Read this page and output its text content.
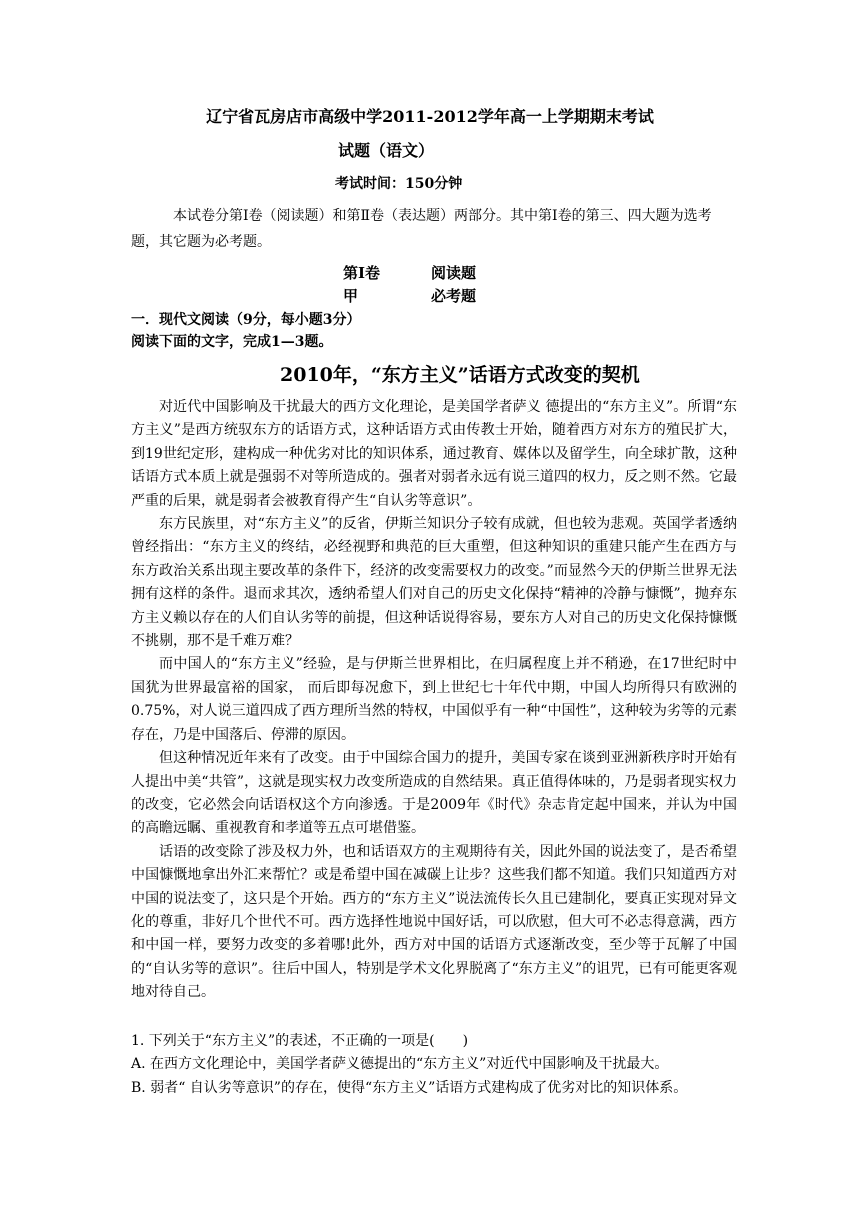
辽宁省瓦房店市高级中学2011-2012学年高一上学期期末考试
试题（语文）
考试时间：150分钟
本试卷分第Ⅰ卷（阅读题）和第Ⅱ卷（表达题）两部分。其中第Ⅰ卷的第三、四大题为选考题，其它题为必考题。
第Ⅰ卷	阅读题
甲	必考题
一．现代文阅读（9分，每小题3分）
阅读下面的文字，完成1—3题。
2010年，“东方主义”话语方式改变的契机

对近代中国影响及干扰最大的西方文化理论，是美国学者萨义 德提出的“东方主义”。所谓“东方主义”是西方统驭东方的话语方式，这种话语方式由传教士开始，随着西方对东方的殖民扩大，到19世纪定形，建构成一种优劣对比的知识体系，通过教育、媒体以及留学生，向全球扩散，这种话语方式本质上就是强弱不对等所造成的。强者对弱者永远有说三道四的权力，反之则不然。它最严重的后果，就是弱者会被教育得产生“自认劣等意识”。

东方民族里，对“东方主义”的反省，伊斯兰知识分子较有成就，但也较为悲观。英国学者透纳曾经指出：“东方主义的终结，必经视野和典范的巨大重塑，但这种知识的重建只能产生在西方与东方政治关系出现主要改革的条件下，经济的改变需要权力的改变。”而显然今天的伊斯兰世界无法拥有这样的条件。退而求其次，透纳希望人们对自己的历史文化保持“精神的冷静与慷慨”，抛弃东方主义赖以存在的人们自认劣等的前提，但这种话说得容易，要东方人对自己的历史文化保持慷慨不挑剔，那不是千难万难？

而中国人的“东方主义”经验，是与伊斯兰世界相比，在归属程度上并不稍逊，在17世纪时中国犹为世界最富裕的国家， 而后即每况愈下，到上世纪七十年代中期，中国人均所得只有欧洲的0.75%，对人说三道四成了西方理所当然的特权，中国似乎有一种“中国性”，这种较为劣等的元素存在，乃是中国落后、停滞的原因。

但这种情况近年来有了改变。由于中国综合国力的提升，美国专家在谈到亚洲新秩序时开始有人提出中美“共管”，这就是现实权力改变所造成的自然结果。真正值得体味的，乃是弱者现实权力的改变，它必然会向话语权这个方向渗透。于是2009年《时代》杂志肯定起中国来，并认为中国的高瞻远瞩、重视教育和孝道等五点可堪借鉴。

话语的改变除了涉及权力外，也和话语双方的主观期待有关，因此外国的说法变了，是否希望中国慷慨地拿出外汇来帮忙？或是希望中国在减碳上让步？这些我们都不知道。我们只知道西方对中国的说法变了，这只是个开始。西方的“东方主义”说法流传长久且已建制化，要真正实现对异文化的尊重，非好几个世代不可。西方选择性地说中国好话，可以欣慰，但大可不必志得意满，西方和中国一样，要努力改变的多着哪!此外，西方对中国的话语方式逐渐改变，至少等于瓦解了中国的“自认劣等的意识”。往后中国人，特别是学术文化界脱离了“东方主义”的诅咒，已有可能更客观地对待自己。

1. 下列关于“东方主义”的表述，不正确的一项是(　　)

A. 在西方文化理论中，美国学者萨义德提出的“东方主义”对近代中国影响及干扰最大。

B. 弱者“ 自认劣等意识”的存在，使得“东方主义”话语方式建构成了优劣对比的知识体系。
